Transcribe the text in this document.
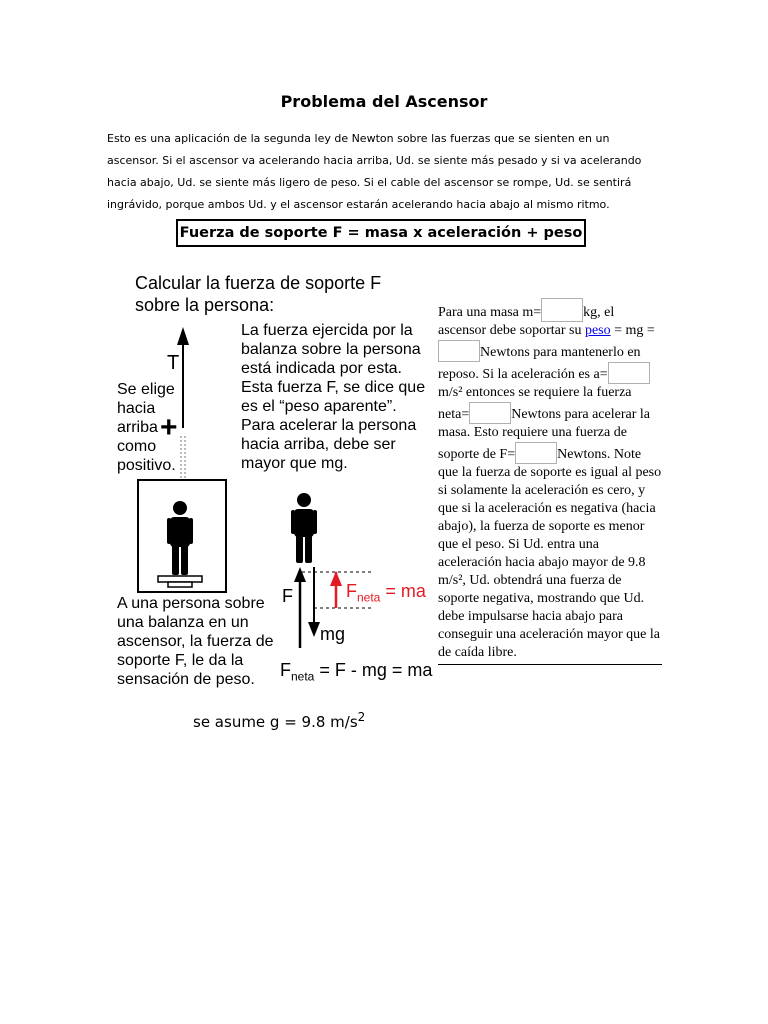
Problema del Ascensor
Esto es una aplicación de la segunda ley de Newton sobre las fuerzas que se sienten en un
ascensor. Si el ascensor va acelerando hacia arriba, Ud. se siente más pesado y si va acelerando
hacia abajo, Ud. se siente más ligero de peso. Si el cable del ascensor se rompe, Ud. se sentirá
ingrávido, porque ambos Ud. y el ascensor estarán acelerando hacia abajo al mismo ritmo.
Fuerza de soporte F = masa x aceleración + peso
Calcular la fuerza de soporte F
sobre la persona:
La fuerza ejercida por la
balanza sobre la persona
está indicada por esta.
Esta fuerza F, se dice que
es el “peso aparente”.
Para acelerar la persona
hacia arriba, debe ser
mayor que mg.
T
Se elige
hacia
arriba
como
positivo.
+
A una persona sobre
una balanza en un
ascensor, la fuerza de
soporte F, le da la
sensación de peso.
F	$F_{neta}$ = ma
mg
$F_{neta} = F$ - mg = ma
se asume g = 9.8 $m/s^2$
Para una masa m=	kg, el ascensor debe soportar su peso = mg =Newtons para mantenerlo en reposo. Si la aceleración es a=m/s² entonces se requiere la fuerza neta=	Newtons para acelerar la masa. Esto requiere una fuerza de soporte de F=	Newtons. Note que la fuerza de soporte es igual al peso si solamente la aceleración es cero, y que si la aceleración es negativa (hacia abajo), la fuerza de soporte es menor que el peso. Si Ud. entra una aceleración hacia abajo mayor de 9.8 m/s², Ud. obtendrá una fuerza de soporte negativa, mostrando que Ud. debe impulsarse hacia abajo para conseguir una aceleración mayor que la de caída libre.
